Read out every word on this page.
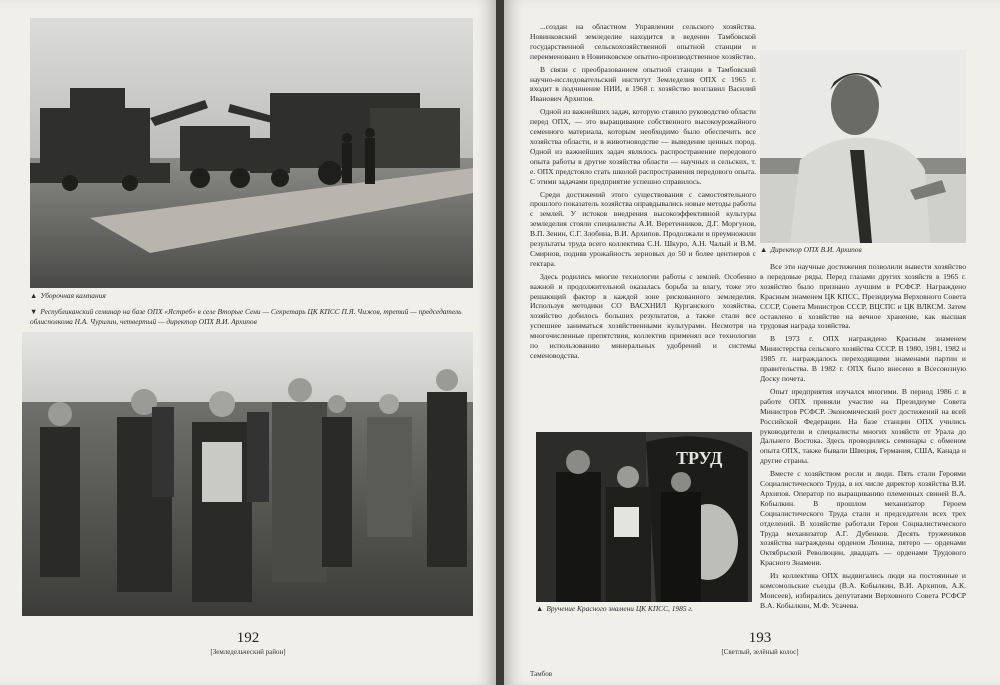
▲ Уборочная кампания
▼ Республиканский семинар на базе ОПХ «Ястреб» в селе Вторые Сени — Секретарь ЦК КПСС П.Я. Чижов, третий — председатель облисполкома Н.А. Чурилин, четвертый — директор ОПХ В.И. Архипов
192
[Земледельческий район]

...создан на областном Управлении сельского хозяйства. Новинковский земледелие находится в ведении Тамбовской государственной сельскохозяйственной опытной станции и переименовано в Новинковское опытно-производственное хозяйство.

В связи с преобразованием опытной станции в Тамбовский научно-исследовательский институт Земледелия ОПХ с 1965 г. входит в подчинение НИИ, в 1968 г. хозяйство возглавил Василий Иванович Архипов.

Одной из важнейших задач, которую ставило руководство области перед ОПХ, — это выращивание собственного высокоурожайного семенного материала, которым необходимо было обеспечить все хозяйства области, и в животноводстве — выведение ценных пород. Одной из важнейших задач являлось распространение передового опыта работы в другие хозяйства области — научных и сельских, т. е. ОПХ предстояло стать школой распространения передового опыта. С этими задачами предприятие успешно справилось.

Среди достижений этого существования с самостоятельного прошлого показатель хозяйства оправдывались новые методы работы с землей. У истоков внедрения высокоэффективной культуры земледелия стояли специалисты А.И. Веретенников, Д.Г. Моргунов, В.П. Зенин, С.Г. Злобина, В.И. Архипов. Продолжали и преумножили результаты труда всего коллектива С.Н. Шкуро, А.Н. Чалый и В.М. Смирнов, подняв урожайность зерновых до 50 и более центнеров с гектара.

Здесь родились многие технологии работы с землей. Особенно важной и продолжительной оказалась борьба за влагу, тоже это решающий фактор в каждой зоне рискованного земледелия. Используя методики СО ВАСХНИЛ Курганского хозяйства, хозяйство добилось больших результатов, а также стали все успешнее заниматься хозяйственными культурами. Несмотря на многочисленные препятствия, коллектив применял все технологии по использованию минеральных удобрений и системы семеноводства.

▲ Директор ОПХ В.И. Архипов

Все эти научные достижения позволили вывести хозяйство в передовые ряды. Перед глазами других хозяйств в 1965 г. хозяйство было признано лучшим в РСФСР. Награждено Красным знаменем ЦК КПСС, Президиума Верховного Совета СССР, Совета Министров СССР, ВЦСПС и ЦК ВЛКСМ. Затем оставлено в хозяйстве на вечное хранение, как высшая трудовая награда хозяйства.

В 1973 г. ОПХ награждено Красным знаменем Министерства сельского хозяйства СССР. В 1980, 1981, 1982 и 1985 гг. награждалось переходящими знаменами партии и правительства. В 1982 г. ОПХ было внесено в Всесоюзную Доску почета.

Опыт предприятия изучался многими. В период 1986 г. в работе ОПХ приняли участие на Президиуме Совета Министров РСФСР. Экономический рост достижений на всей Российской Федерации. На базе станции ОПХ учились руководители и специалисты многих хозяйств от Урала до Дальнего Востока. Здесь проводились семинары с обменом опыта ОПХ, также бывали Швеция, Германия, США, Канада и другие страны.

Вместе с хозяйством росли и люди. Пять стали Героями Социалистического Труда, в их числе директор хозяйства В.И. Архипов. Оператор по выращиванию племенных свиней В.А. Кобылкин. В прошлом механизатор Героем Социалистического Труда стали и председатели всех трех отделений. В хозяйстве работали Герои Социалистического Труда механизатор А.Г. Дубенков. Десять тружеников хозяйства награждены орденом Ленина, пятеро — орденами Октябрьской Революции, двадцать — орденами Трудового Красного Знамени.

Из коллектива ОПХ выдвигались люди на постоянные и комсомольские съезды (В.А. Кобылкин, В.И. Архипов, А.К. Моисеев), избирались депутатами Верховного Совета РСФСР В.А. Кобылкин, М.Ф. Усачева.

ТРУД
▲ Вручение Красного знамени ЦК КПСС, 1985 г.
193
[Светлый, зелёный колос]
Тамбов
